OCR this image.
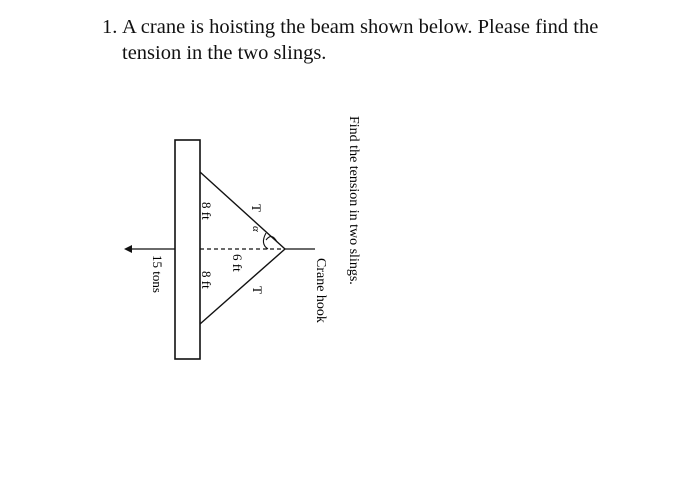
1. A crane is hoisting the beam shown below. Please find the
tension in the two slings.
Find the tension in two slings.
Crane hook
T
T
α
6 ft
8 ft
8 ft
15 tons
